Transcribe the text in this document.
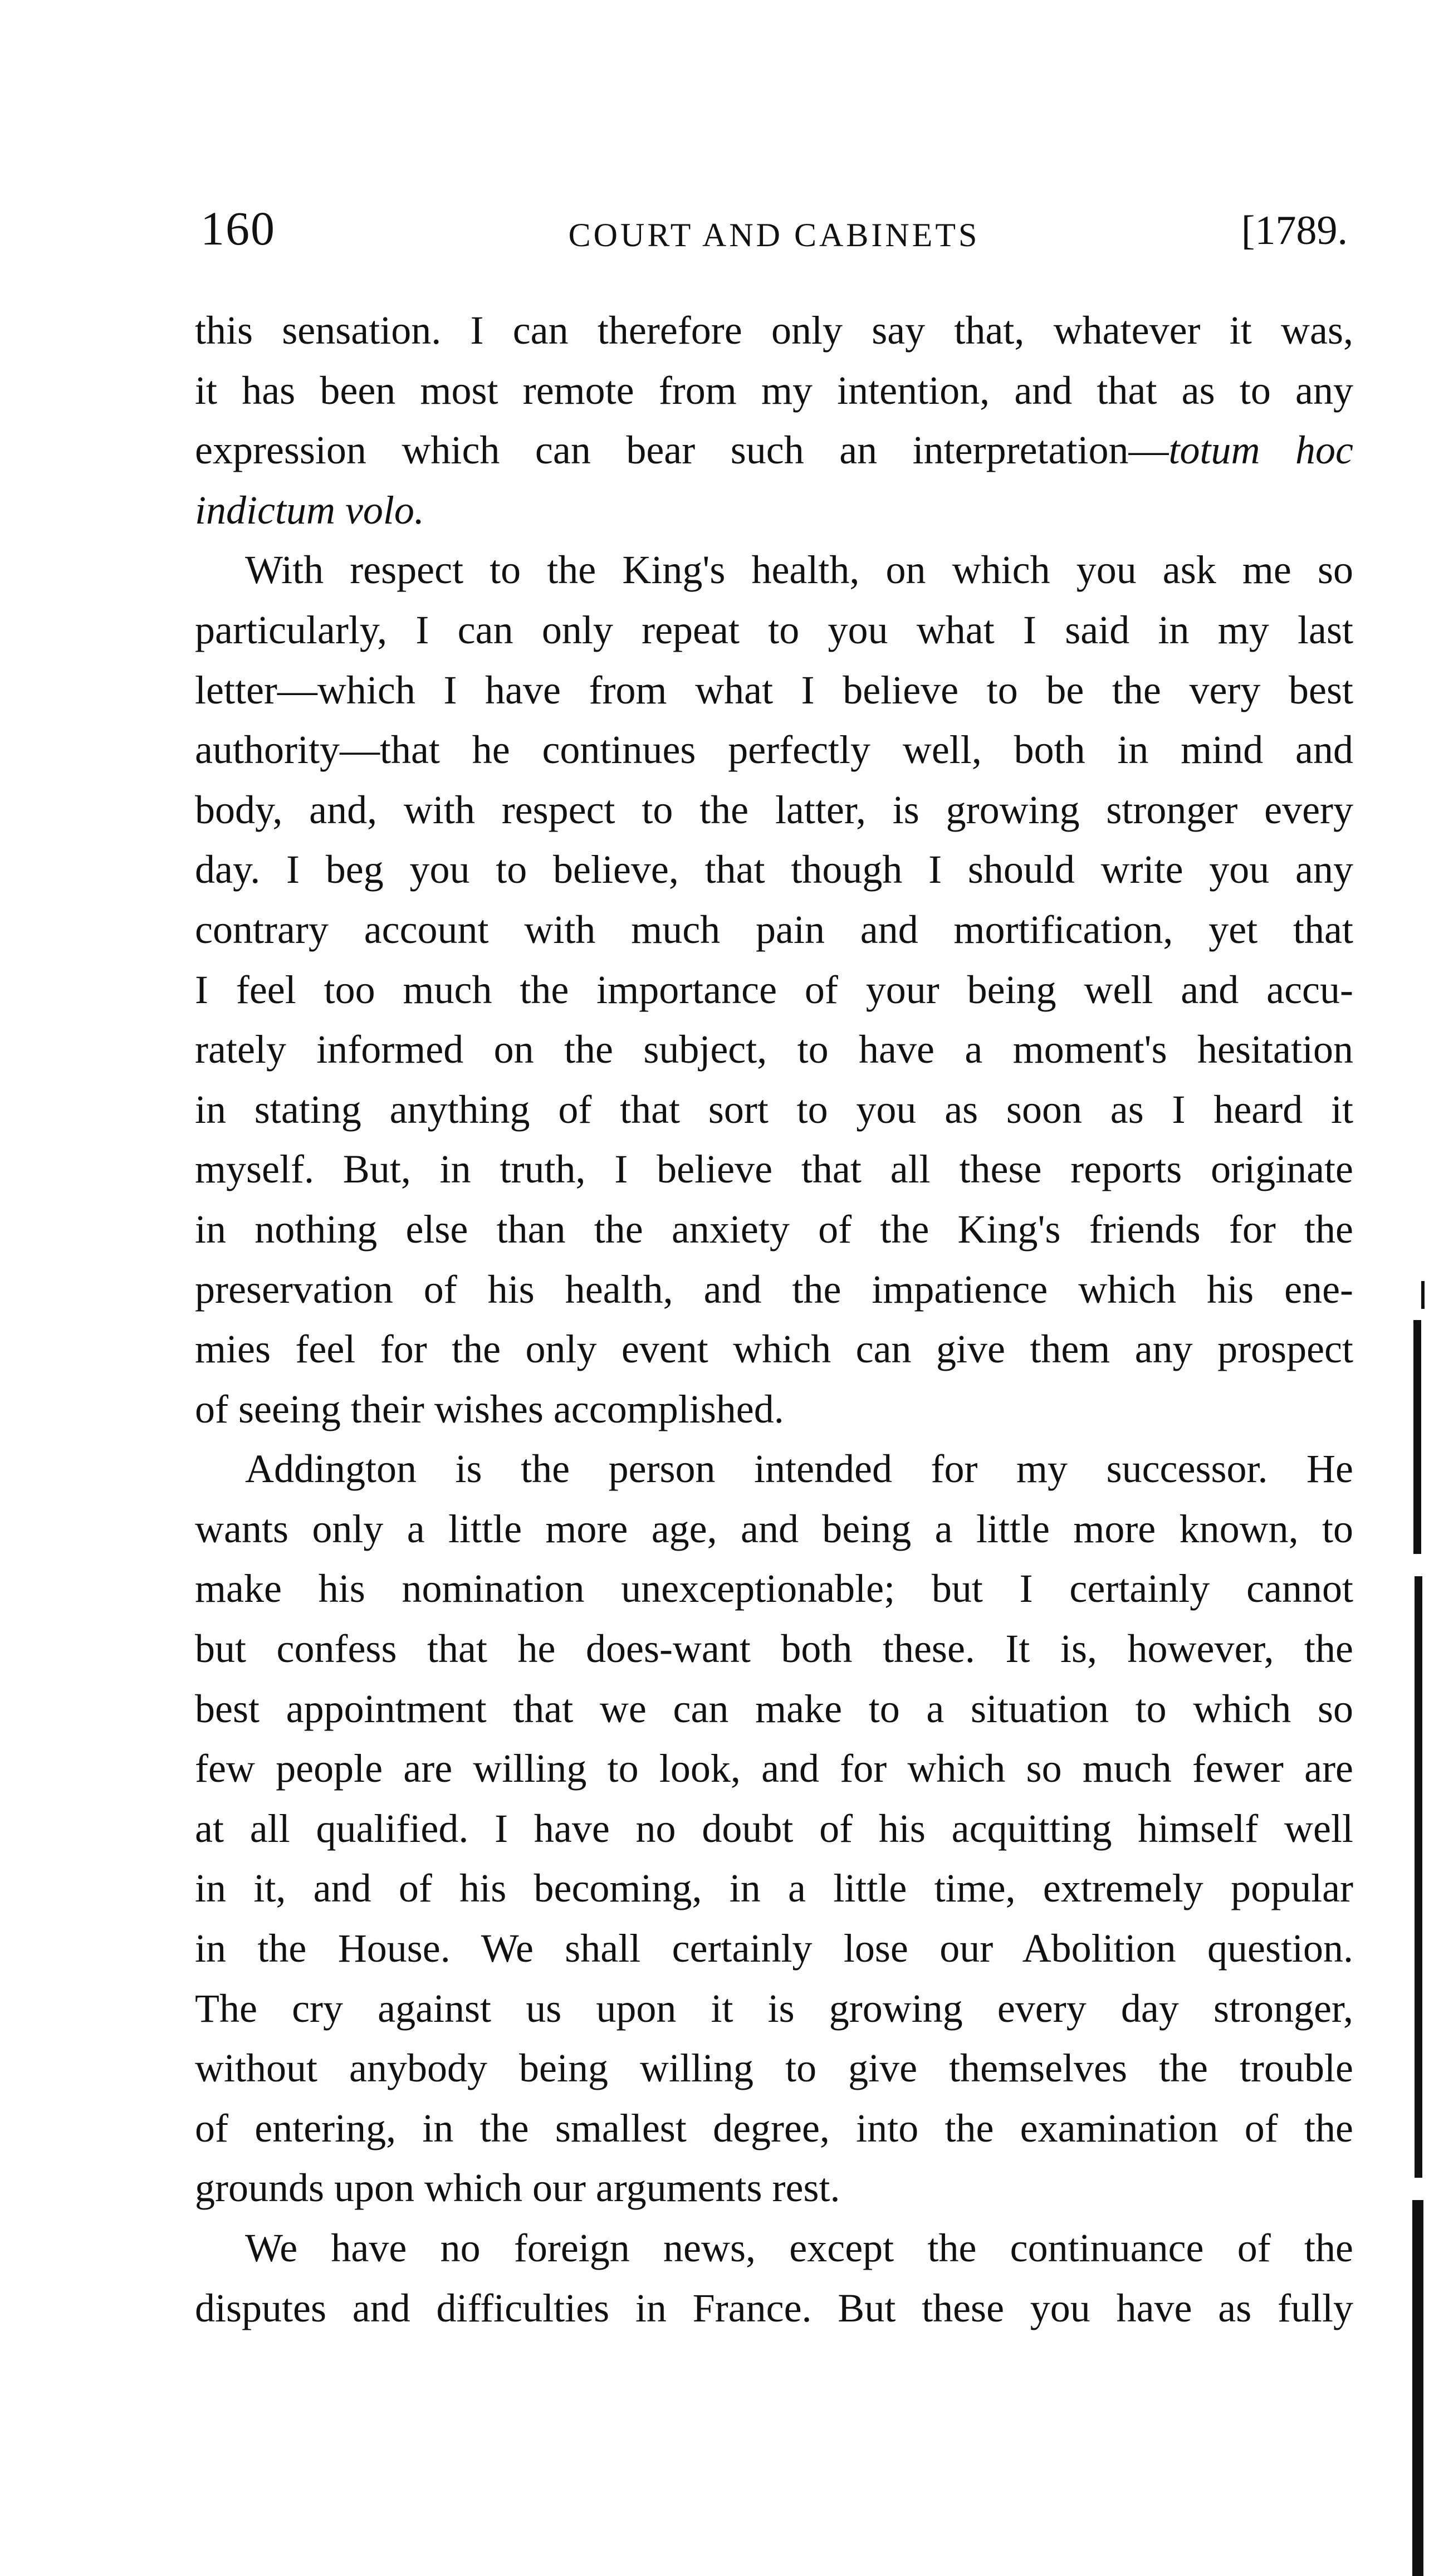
160	COURT AND CABINETS	[1789.
this sensation. I can therefore only say that, whatever it was,
it has been most remote from my intention, and that as to any
expression which can bear such an interpretation—totum hoc
indictum volo.
With respect to the King's health, on which you ask me so
particularly, I can only repeat to you what I said in my last
letter—which I have from what I believe to be the very best
authority—that he continues perfectly well, both in mind and
body, and, with respect to the latter, is growing stronger every
day. I beg you to believe, that though I should write you any
contrary account with much pain and mortification, yet that
I feel too much the importance of your being well and accu-
rately informed on the subject, to have a moment's hesitation
in stating anything of that sort to you as soon as I heard it
myself. But, in truth, I believe that all these reports originate
in nothing else than the anxiety of the King's friends for the
preservation of his health, and the impatience which his ene-
mies feel for the only event which can give them any prospect
of seeing their wishes accomplished.
Addington is the person intended for my successor. He
wants only a little more age, and being a little more known, to
make his nomination unexceptionable; but I certainly cannot
but confess that he does-want both these. It is, however, the
best appointment that we can make to a situation to which so
few people are willing to look, and for which so much fewer are
at all qualified. I have no doubt of his acquitting himself well
in it, and of his becoming, in a little time, extremely popular
in the House. We shall certainly lose our Abolition question.
The cry against us upon it is growing every day stronger,
without anybody being willing to give themselves the trouble
of entering, in the smallest degree, into the examination of the
grounds upon which our arguments rest.
We have no foreign news, except the continuance of the
disputes and difficulties in France. But these you have as fully
